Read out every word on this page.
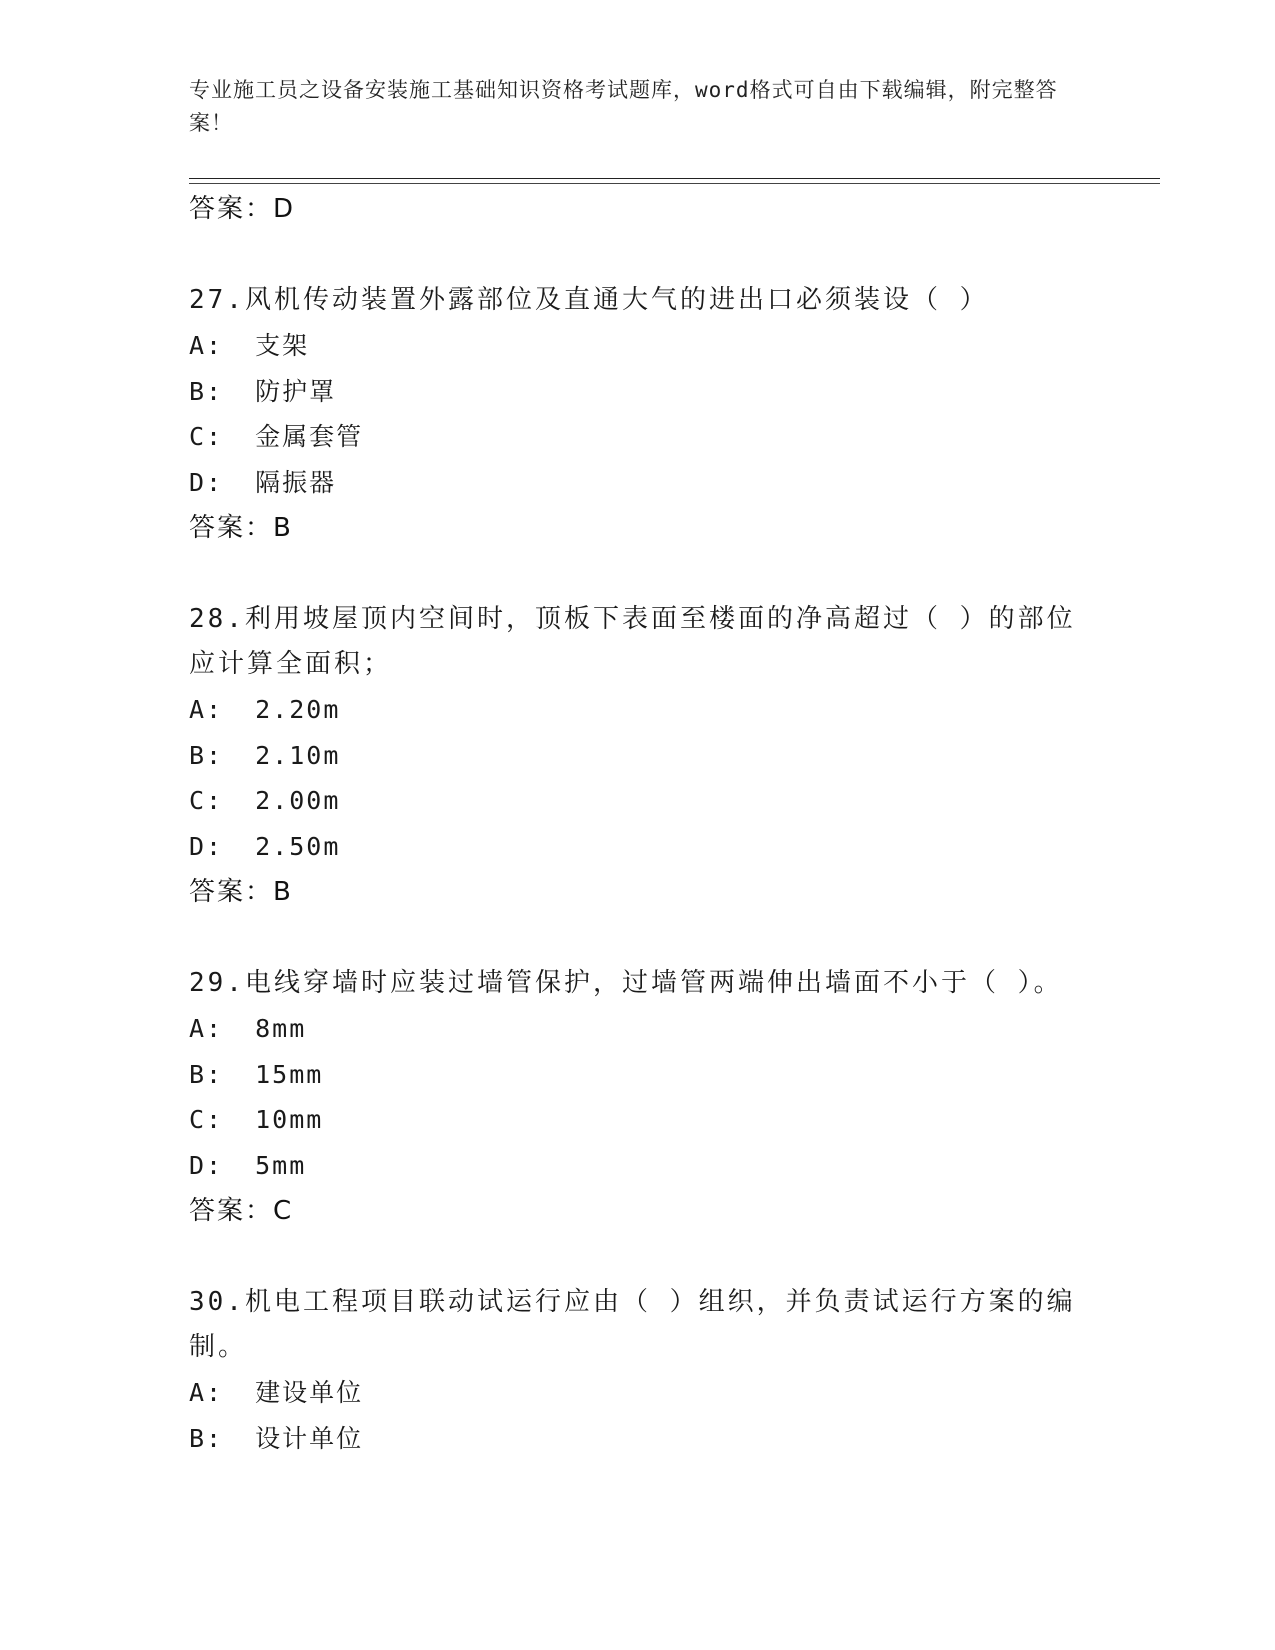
专业施工员之设备安装施工基础知识资格考试题库，word格式可自由下载编辑，附完整答案！

答案：D

27.风机传动装置外露部位及直通大气的进出口必须装设（ ）

A: 支架

B: 防护罩

C: 金属套管

D: 隔振器

答案：B

28.利用坡屋顶内空间时，顶板下表面至楼面的净高超过（ ）的部位应计算全面积；

A: 2.20m

B: 2.10m

C: 2.00m

D: 2.50m

答案：B

29.电线穿墙时应装过墙管保护，过墙管两端伸出墙面不小于（ ）。

A: 8mm

B: 15mm

C: 10mm

D: 5mm

答案：C

30.机电工程项目联动试运行应由（ ）组织，并负责试运行方案的编制。

A: 建设单位

B: 设计单位
